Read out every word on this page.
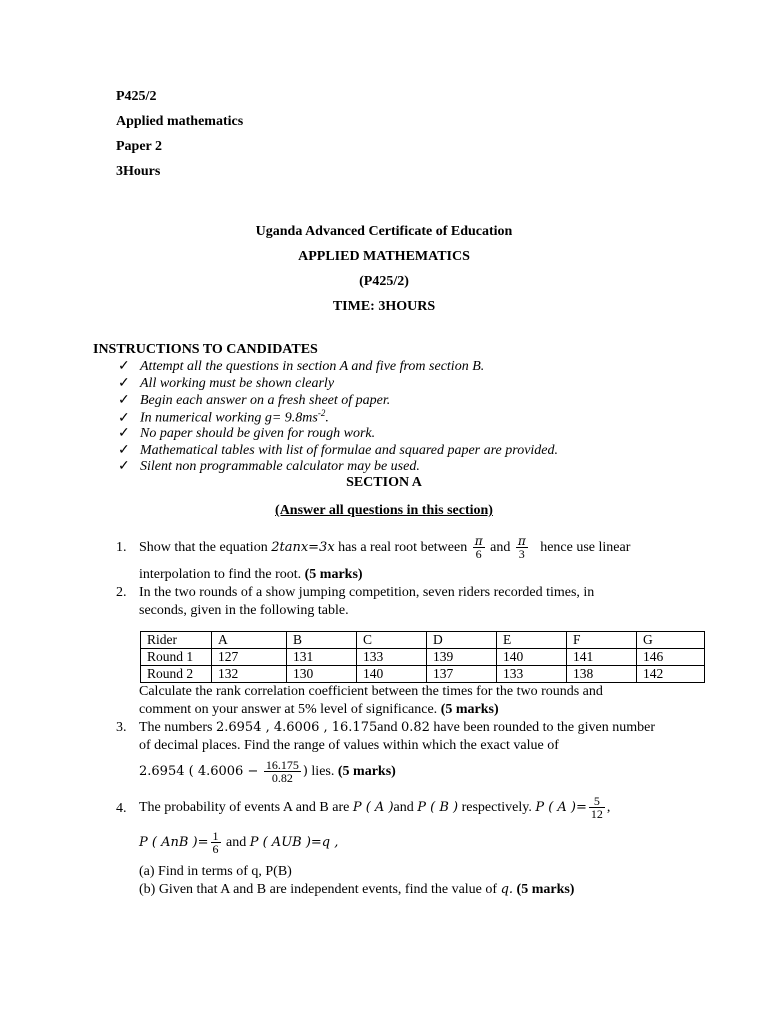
P425/2
Applied mathematics
Paper 2
3Hours
Uganda Advanced Certificate of Education
APPLIED MATHEMATICS
(P425/2)
TIME: 3HOURS
INSTRUCTIONS TO CANDIDATES
✓ Attempt all the questions in section A and five from section B.
✓ All working must be shown clearly
✓ Begin each answer on a fresh sheet of paper.
✓ In numerical working $g= 9.8ms^{-2}$.
✓ No paper should be given for rough work.
✓ Mathematical tables with list of formulae and squared paper are provided.
✓ Silent non programmable calculator may be used.
SECTION A
(Answer all questions in this section)
1. Show that the equation 2tanx=3x has a real root between $\frac{\pi}{6}$ and $\frac{\pi}{3}$ hence use linear
interpolation to find the root. (5 marks)
2. In the two rounds of a show jumping competition, seven riders recorded times, in
seconds, given in the following table.
Rider	A	B	C	D	E	F	G
Round 1	127	131	133	139	140	141	146
Round 2	132	130	140	137	133	138	142
Calculate the rank correlation coefficient between the times for the two rounds and
comment on your answer at 5% level of significance. (5 marks)
3. The numbers 2.6954 , 4.6006 , 16.175and 0.82 have been rounded to the given number
of decimal places. Find the range of values within which the exact value of
2.6954 ( $4.6006 - \frac{16.175}{0.82}$ ) lies. (5 marks)
4. The probability of events A and B are P ( A )and P ( B ) respectively. P ( A )= $\frac{5}{12}$ ,
P ( AnB )= $\frac{1}{6}$ and P ( AUB )=q ,
(a) Find in terms of q, P(B)
(b) Given that A and B are independent events, find the value of q. (5 marks)
